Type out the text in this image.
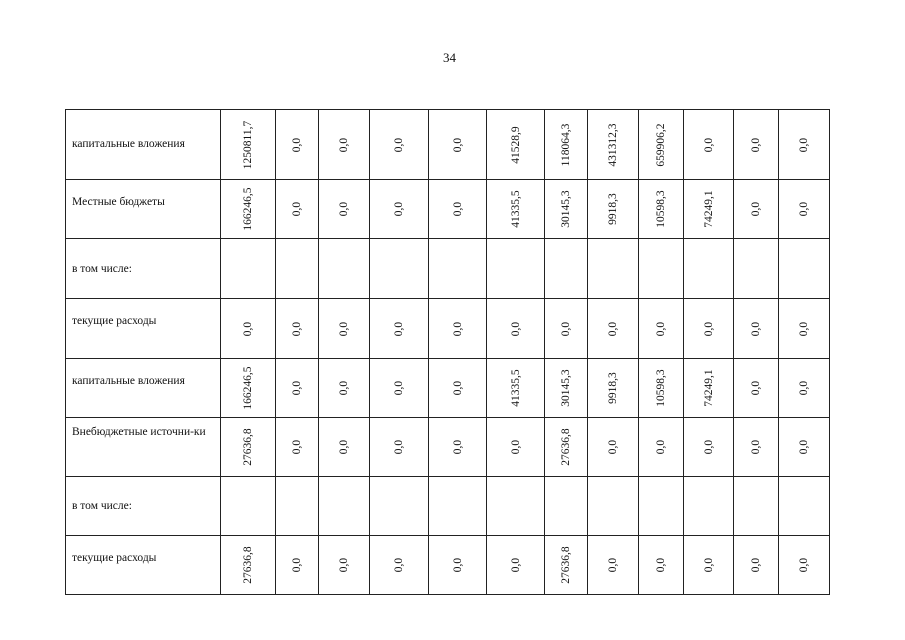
34
капитальные вложения	1250811,7	0,0	0,0	0,0	0,0	41528,9	118064,3	431312,3	659906,2	0,0	0,0	0,0

Местные бюджеты	166246,5	0,0	0,0	0,0	0,0	41335,5	30145,3	9918,3	10598,3	74249,1	0,0	0,0

в том числе:												

текущие расходы	0,0	0,0	0,0	0,0	0,0	0,0	0,0	0,0	0,0	0,0	0,0	0,0

капитальные вложения	166246,5	0,0	0,0	0,0	0,0	41335,5	30145,3	9918,3	10598,3	74249,1	0,0	0,0

Внебюджетные источни-ки	27636,8	0,0	0,0	0,0	0,0	0,0	27636,8	0,0	0,0	0,0	0,0	0,0

в том числе:												

текущие расходы	27636,8	0,0	0,0	0,0	0,0	0,0	27636,8	0,0	0,0	0,0	0,0	0,0
